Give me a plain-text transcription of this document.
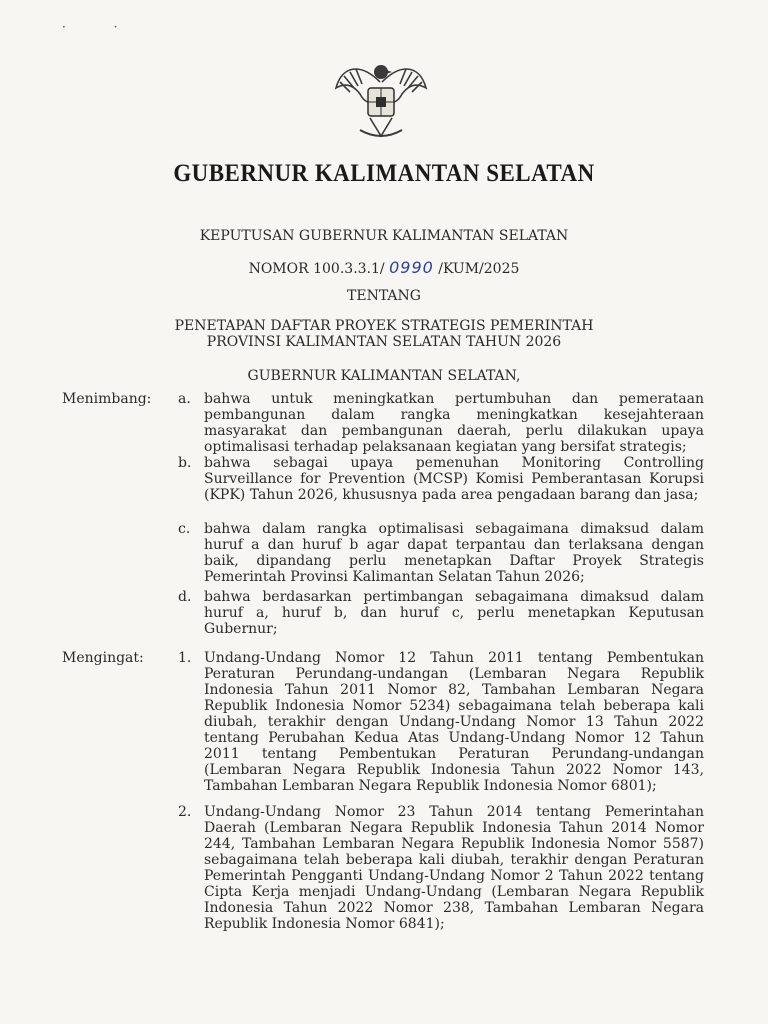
· ·
GUBERNUR KALIMANTAN SELATAN
KEPUTUSAN GUBERNUR KALIMANTAN SELATAN
NOMOR 100.3.3.1/ 0990 /KUM/2025
TENTANG
PENETAPAN DAFTAR PROYEK STRATEGIS PEMERINTAH
PROVINSI KALIMANTAN SELATAN TAHUN 2026
GUBERNUR KALIMANTAN SELATAN,
Menimbang: a. bahwa untuk meningkatkan pertumbuhan dan pemerataan pembangunan dalam rangka meningkatkan kesejahteraan masyarakat dan pembangunan daerah, perlu dilakukan upaya optimalisasi terhadap pelaksanaan kegiatan yang bersifat strategis;
b. bahwa sebagai upaya pemenuhan Monitoring Controlling Surveillance for Prevention (MCSP) Komisi Pemberantasan Korupsi (KPK) Tahun 2026, khususnya pada area pengadaan barang dan jasa;
c. bahwa dalam rangka optimalisasi sebagaimana dimaksud dalam huruf a dan huruf b agar dapat terpantau dan terlaksana dengan baik, dipandang perlu menetapkan Daftar Proyek Strategis Pemerintah Provinsi Kalimantan Selatan Tahun 2026;
d. bahwa berdasarkan pertimbangan sebagaimana dimaksud dalam huruf a, huruf b, dan huruf c, perlu menetapkan Keputusan Gubernur;
Mengingat: 1. Undang-Undang Nomor 12 Tahun 2011 tentang Pembentukan Peraturan Perundang-undangan (Lembaran Negara Republik Indonesia Tahun 2011 Nomor 82, Tambahan Lembaran Negara Republik Indonesia Nomor 5234) sebagaimana telah beberapa kali diubah, terakhir dengan Undang-Undang Nomor 13 Tahun 2022 tentang Perubahan Kedua Atas Undang-Undang Nomor 12 Tahun 2011 tentang Pembentukan Peraturan Perundang-undangan (Lembaran Negara Republik Indonesia Tahun 2022 Nomor 143, Tambahan Lembaran Negara Republik Indonesia Nomor 6801);
2. Undang-Undang Nomor 23 Tahun 2014 tentang Pemerintahan Daerah (Lembaran Negara Republik Indonesia Tahun 2014 Nomor 244, Tambahan Lembaran Negara Republik Indonesia Nomor 5587) sebagaimana telah beberapa kali diubah, terakhir dengan Peraturan Pemerintah Pengganti Undang-Undang Nomor 2 Tahun 2022 tentang Cipta Kerja menjadi Undang-Undang (Lembaran Negara Republik Indonesia Tahun 2022 Nomor 238, Tambahan Lembaran Negara Republik Indonesia Nomor 6841);
